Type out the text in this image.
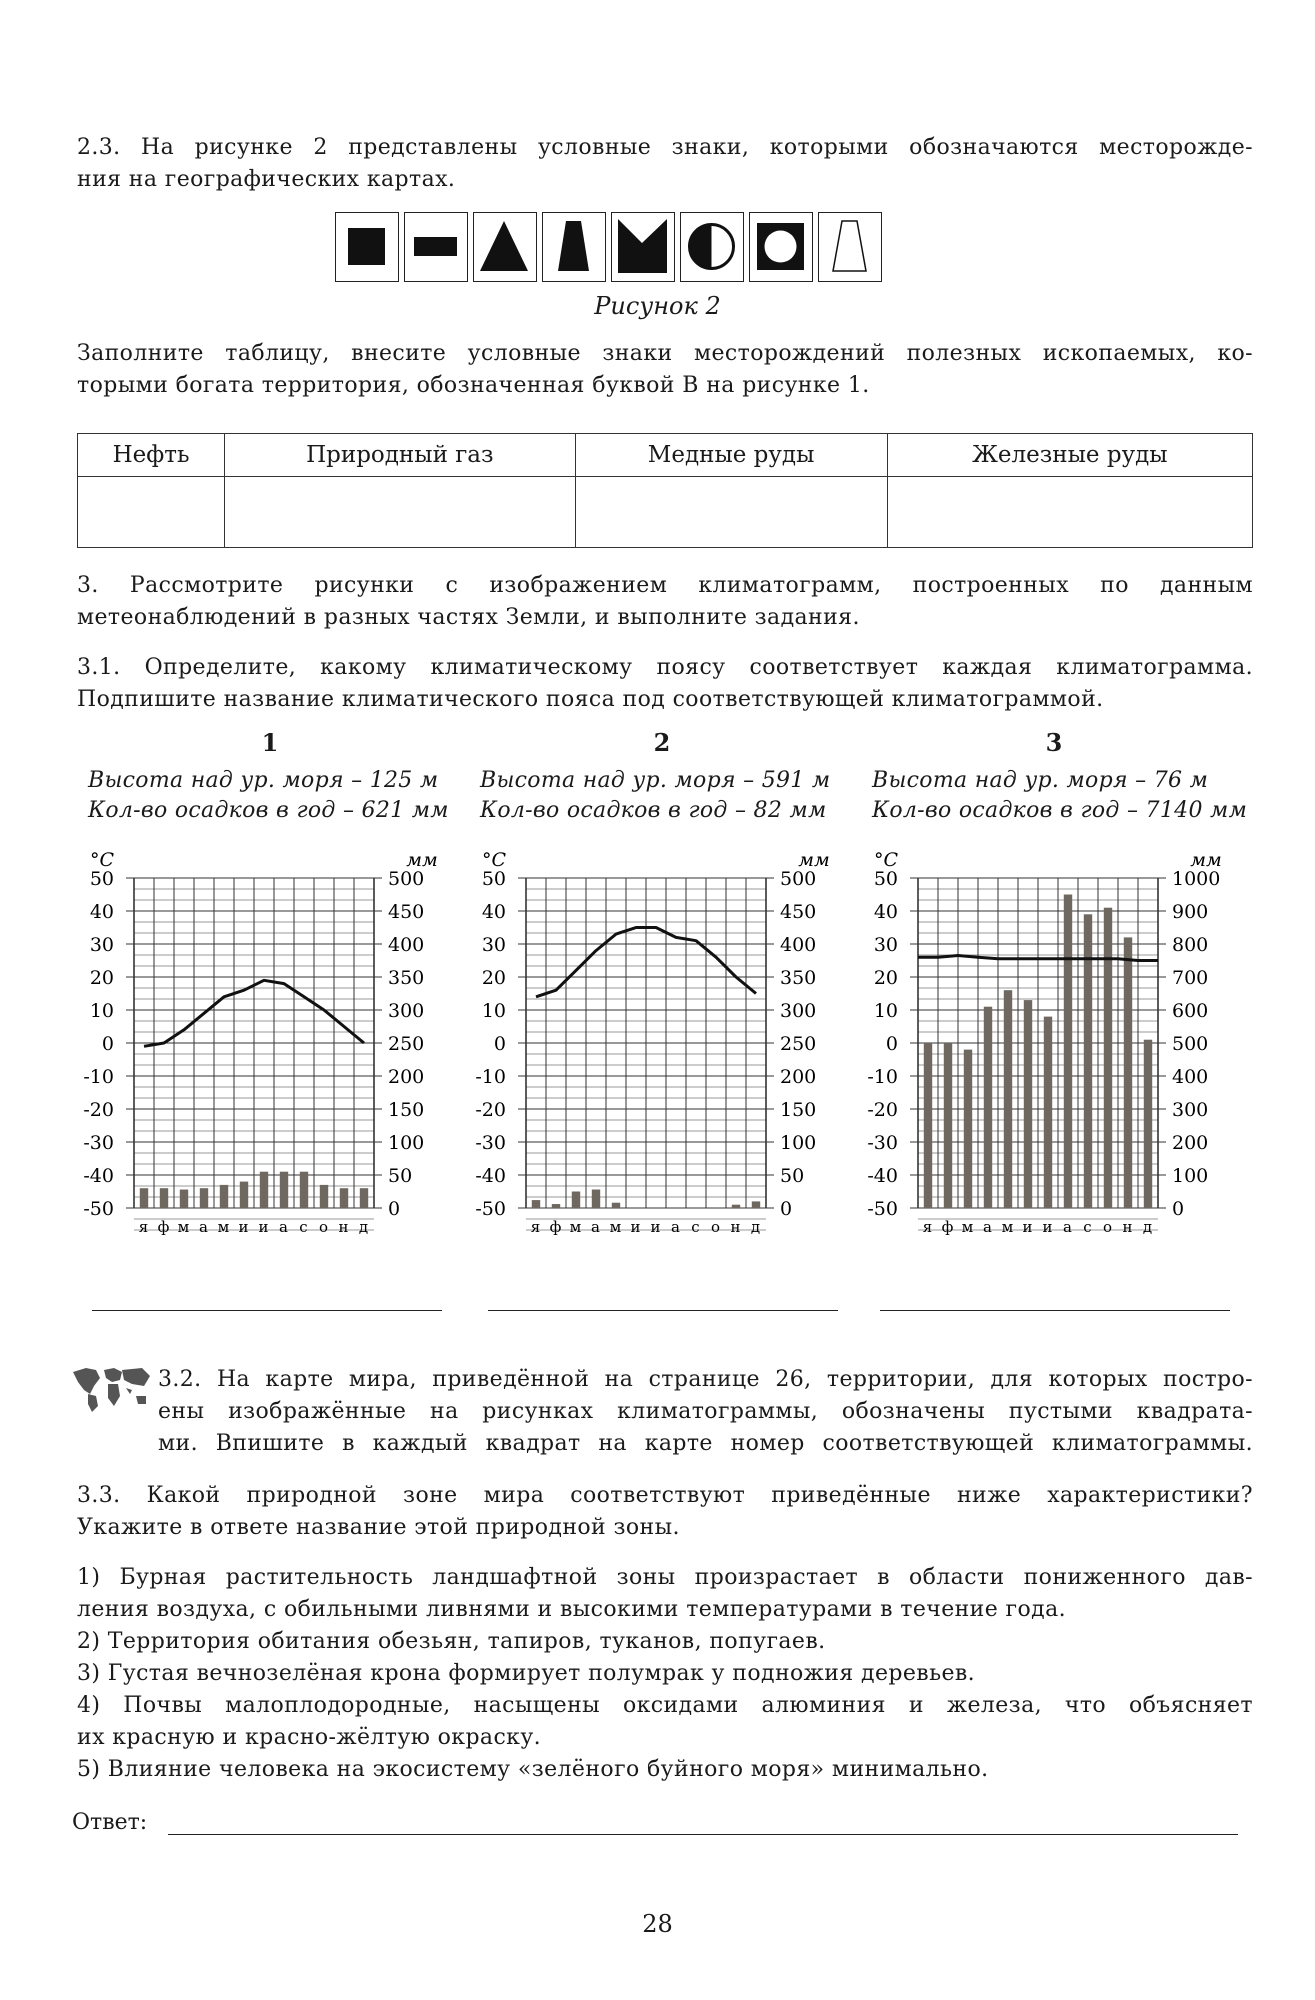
2.3. На рисунке 2 представлены условные знаки, которыми обозначаются месторожде-
ния на географических картах.
Рисунок 2
Заполните таблицу, внесите условные знаки месторождений полезных ископаемых, ко-
торыми богата территория, обозначенная буквой В на рисунке 1.
Нефть	Природный газ	Медные руды	Железные руды

3. Рассмотрите рисунки с изображением климатограмм, построенных по данным
метеонаблюдений в разных частях Земли, и выполните задания.
3.1. Определите, какому климатическому поясу соответствует каждая климатограмма.
Подпишите название климатического пояса под соответствующей климатограммой.
1
Высота над ур. моря – 125 м
Кол-во осадков в год – 621 мм
°С	мм
50
40
30
20
10
0
-10
-20
-30
-40
-50
500
450
400
350
300
250
200
150
100
50
0
я ф м а м и и а с о н д
2
Высота над ур. моря – 591 м
Кол-во осадков в год – 82 мм
°С	мм
50
40
30
20
10
0
-10
-20
-30
-40
-50
500
450
400
350
300
250
200
150
100
50
0
я ф м а м и и а с о н д
3
Высота над ур. моря – 76 м
Кол-во осадков в год – 7140 мм
°С	мм
50
40
30
20
10
0
-10
-20
-30
-40
-50
1000
900
800
700
600
500
400
300
200
100
0
я ф м а м и и а с о н д
3.2. На карте мира, приведённой на странице 26, территории, для которых постро-
ены изображённые на рисунках климатограммы, обозначены пустыми квадрата-
ми. Впишите в каждый квадрат на карте номер соответствующей климатограммы.
3.3. Какой природной зоне мира соответствуют приведённые ниже характеристики?
Укажите в ответе название этой природной зоны.
1) Бурная растительность ландшафтной зоны произрастает в области пониженного дав-
ления воздуха, с обильными ливнями и высокими температурами в течение года.
2) Территория обитания обезьян, тапиров, туканов, попугаев.
3) Густая вечнозелёная крона формирует полумрак у подножия деревьев.
4) Почвы малоплодородные, насыщены оксидами алюминия и железа, что объясняет
их красную и красно-жёлтую окраску.
5) Влияние человека на экосистему «зелёного буйного моря» минимально.
Ответ:
28
